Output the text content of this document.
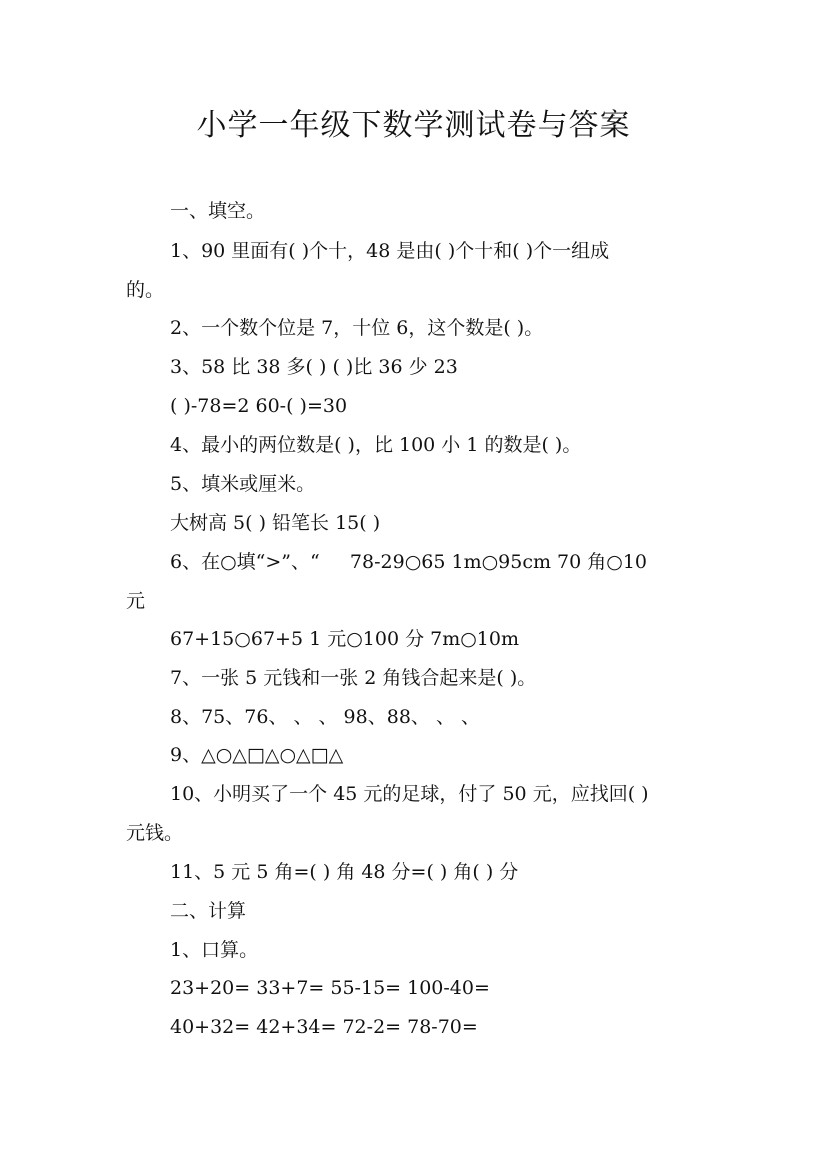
小学一年级下数学测试卷与答案
一、填空。
1、90 里面有( )个十，48 是由( )个十和( )个一组成
的。
2、一个数个位是 7，十位 6，这个数是( )。
3、58 比 38 多( ) ( )比 36 少 23
( )-78=2 60-( )=30
4、最小的两位数是( )，比 100 小 1 的数是( )。
5、填米或厘米。
大树高 5( ) 铅笔长 15( )
6、在○填“>”、“     78-29○65 1m○95cm 70 角○10
元
67+15○67+5 1 元○100 分 7m○10m
7、一张 5 元钱和一张 2 角钱合起来是( )。
8、75、76、 、 、 98、88、 、 、
9、△○△□△○△□△
10、小明买了一个 45 元的足球，付了 50 元，应找回( )
元钱。
11、5 元 5 角=( ) 角 48 分=( ) 角( ) 分
二、计算
1、口算。
23+20= 33+7= 55-15= 100-40=
40+32= 42+34= 72-2= 78-70=
